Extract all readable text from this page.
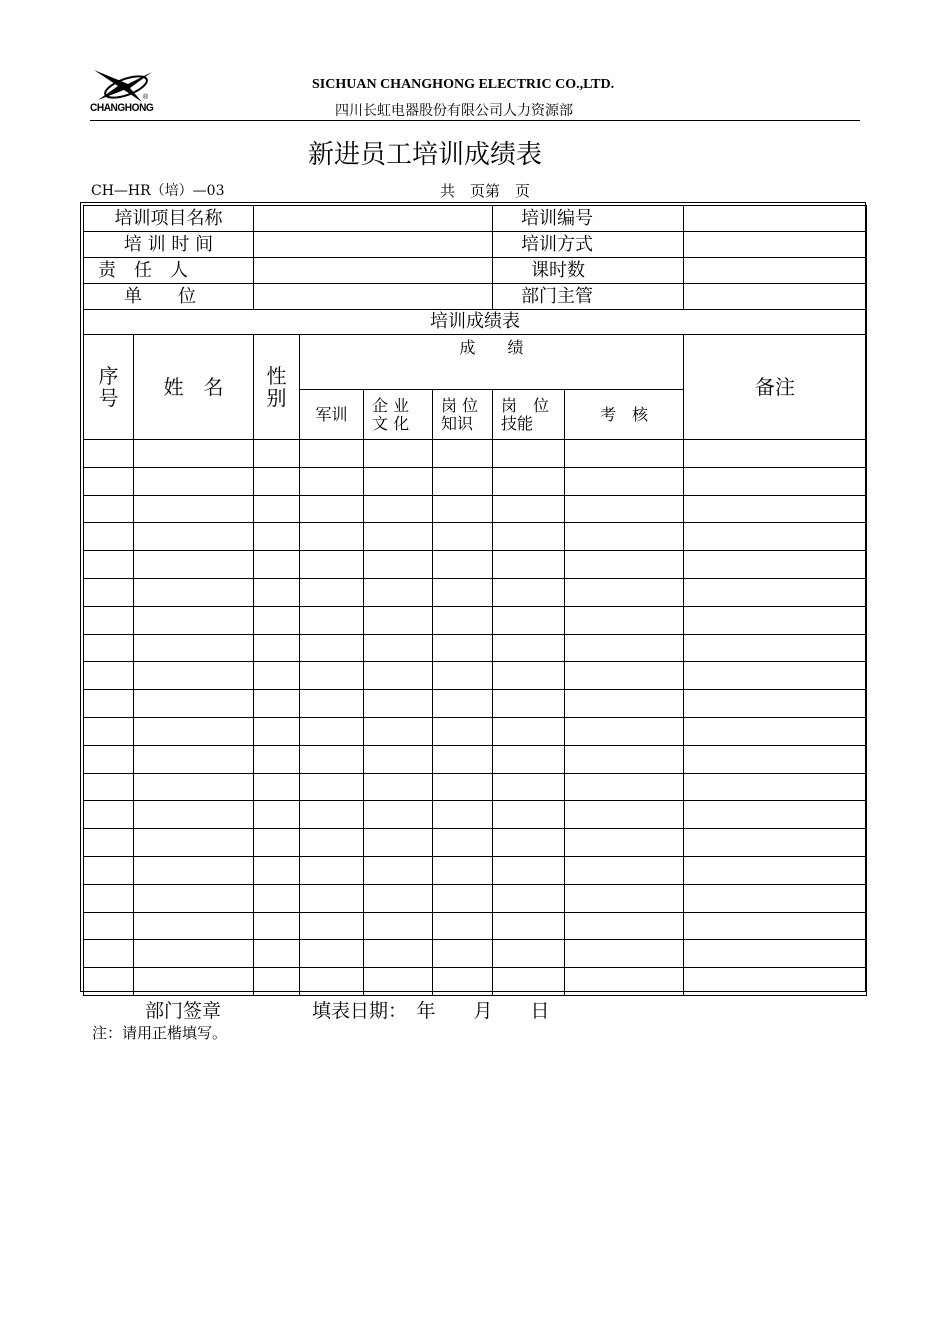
®
CHANGHONG
SICHUAN CHANGHONG ELECTRIC CO.,LTD.
四川长虹电器股份有限公司人力资源部
新进员工培训成绩表
CH—HR（培）—03	共　页第　页
培训项目名称						培训编号		
培 训 时 间						培训方式		
责　任　人						课时数		
单　　位						部门主管		
培训成绩表								
序号	姓　名	性别	成　　绩					备注
			军训	企 业 文 化	岗 位 知识	岗　位 技能	考　核	

部门签章	填表日期：　年　　月　　日
注：请用正楷填写。
